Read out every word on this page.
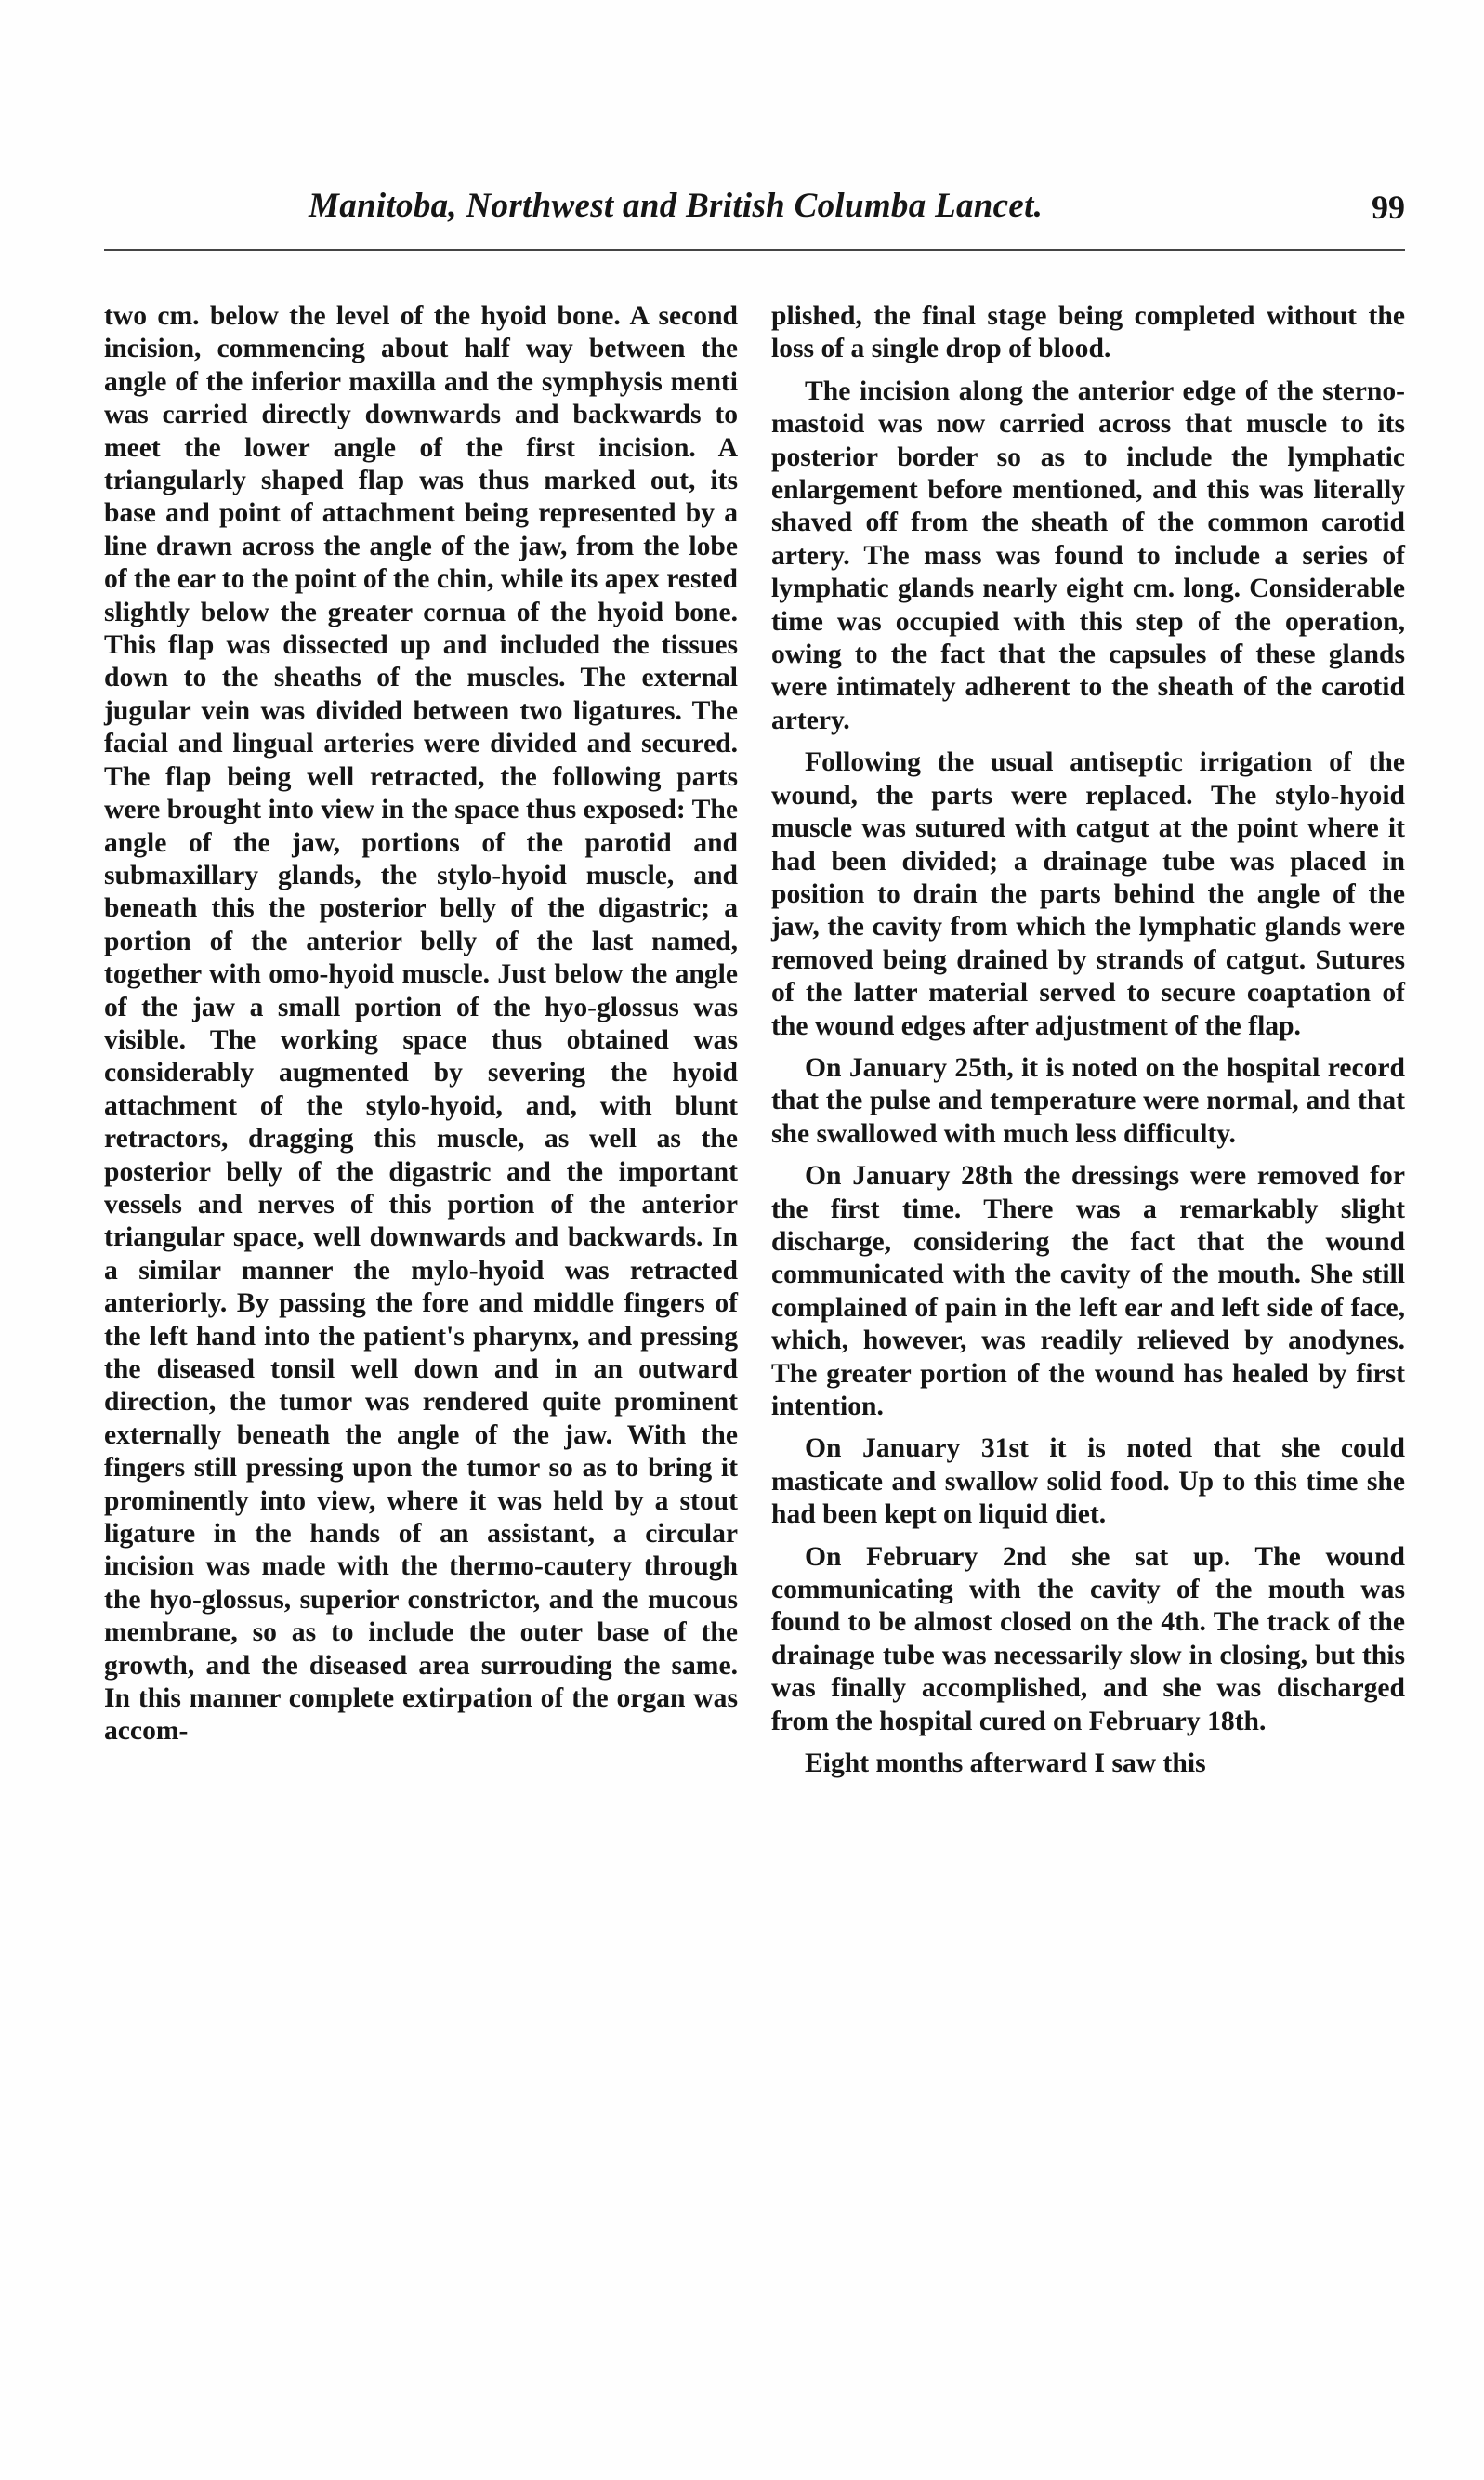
Manitoba, Northwest and British Columba Lancet.	99

two cm. below the level of the hyoid bone. A second incision, commencing about half way between the angle of the inferior maxilla and the symphysis menti was carried directly downwards and backwards to meet the lower angle of the first incision. A triangularly shaped flap was thus marked out, its base and point of attachment being represented by a line drawn across the angle of the jaw, from the lobe of the ear to the point of the chin, while its apex rested slightly below the greater cornua of the hyoid bone. This flap was dissected up and included the tissues down to the sheaths of the muscles. The external jugular vein was divided between two ligatures. The facial and lingual arteries were divided and secured. The flap being well retracted, the following parts were brought into view in the space thus exposed: The angle of the jaw, portions of the parotid and submaxillary glands, the stylo-hyoid muscle, and beneath this the posterior belly of the digastric; a portion of the anterior belly of the last named, together with omo-hyoid muscle. Just below the angle of the jaw a small portion of the hyo-glossus was visible. The working space thus obtained was considerably augmented by severing the hyoid attachment of the stylo-hyoid, and, with blunt retractors, dragging this muscle, as well as the posterior belly of the digastric and the important vessels and nerves of this portion of the anterior triangular space, well downwards and backwards. In a similar manner the mylo-hyoid was retracted anteriorly. By passing the fore and middle fingers of the left hand into the patient's pharynx, and pressing the diseased tonsil well down and in an outward direction, the tumor was rendered quite prominent externally beneath the angle of the jaw. With the fingers still pressing upon the tumor so as to bring it prominently into view, where it was held by a stout ligature in the hands of an assistant, a circular incision was made with the thermo-cautery through the hyo-glossus, superior constrictor, and the mucous membrane, so as to include the outer base of the growth, and the diseased area surrouding the same. In this manner complete extirpation of the organ was accom-

plished, the final stage being completed without the loss of a single drop of blood.

The incision along the anterior edge of the sterno-mastoid was now carried across that muscle to its posterior border so as to include the lymphatic enlargement before mentioned, and this was literally shaved off from the sheath of the common carotid artery. The mass was found to include a series of lymphatic glands nearly eight cm. long. Considerable time was occupied with this step of the operation, owing to the fact that the capsules of these glands were intimately adherent to the sheath of the carotid artery.

Following the usual antiseptic irrigation of the wound, the parts were replaced. The stylo-hyoid muscle was sutured with catgut at the point where it had been divided; a drainage tube was placed in position to drain the parts behind the angle of the jaw, the cavity from which the lymphatic glands were removed being drained by strands of catgut. Sutures of the latter material served to secure coaptation of the wound edges after adjustment of the flap.

On January 25th, it is noted on the hospital record that the pulse and temperature were normal, and that she swallowed with much less difficulty.

On January 28th the dressings were removed for the first time. There was a remarkably slight discharge, considering the fact that the wound communicated with the cavity of the mouth. She still complained of pain in the left ear and left side of face, which, however, was readily relieved by anodynes. The greater portion of the wound has healed by first intention.

On January 31st it is noted that she could masticate and swallow solid food. Up to this time she had been kept on liquid diet.

On February 2nd she sat up. The wound communicating with the cavity of the mouth was found to be almost closed on the 4th. The track of the drainage tube was necessarily slow in closing, but this was finally accomplished, and she was discharged from the hospital cured on February 18th.

Eight months afterward I saw this
